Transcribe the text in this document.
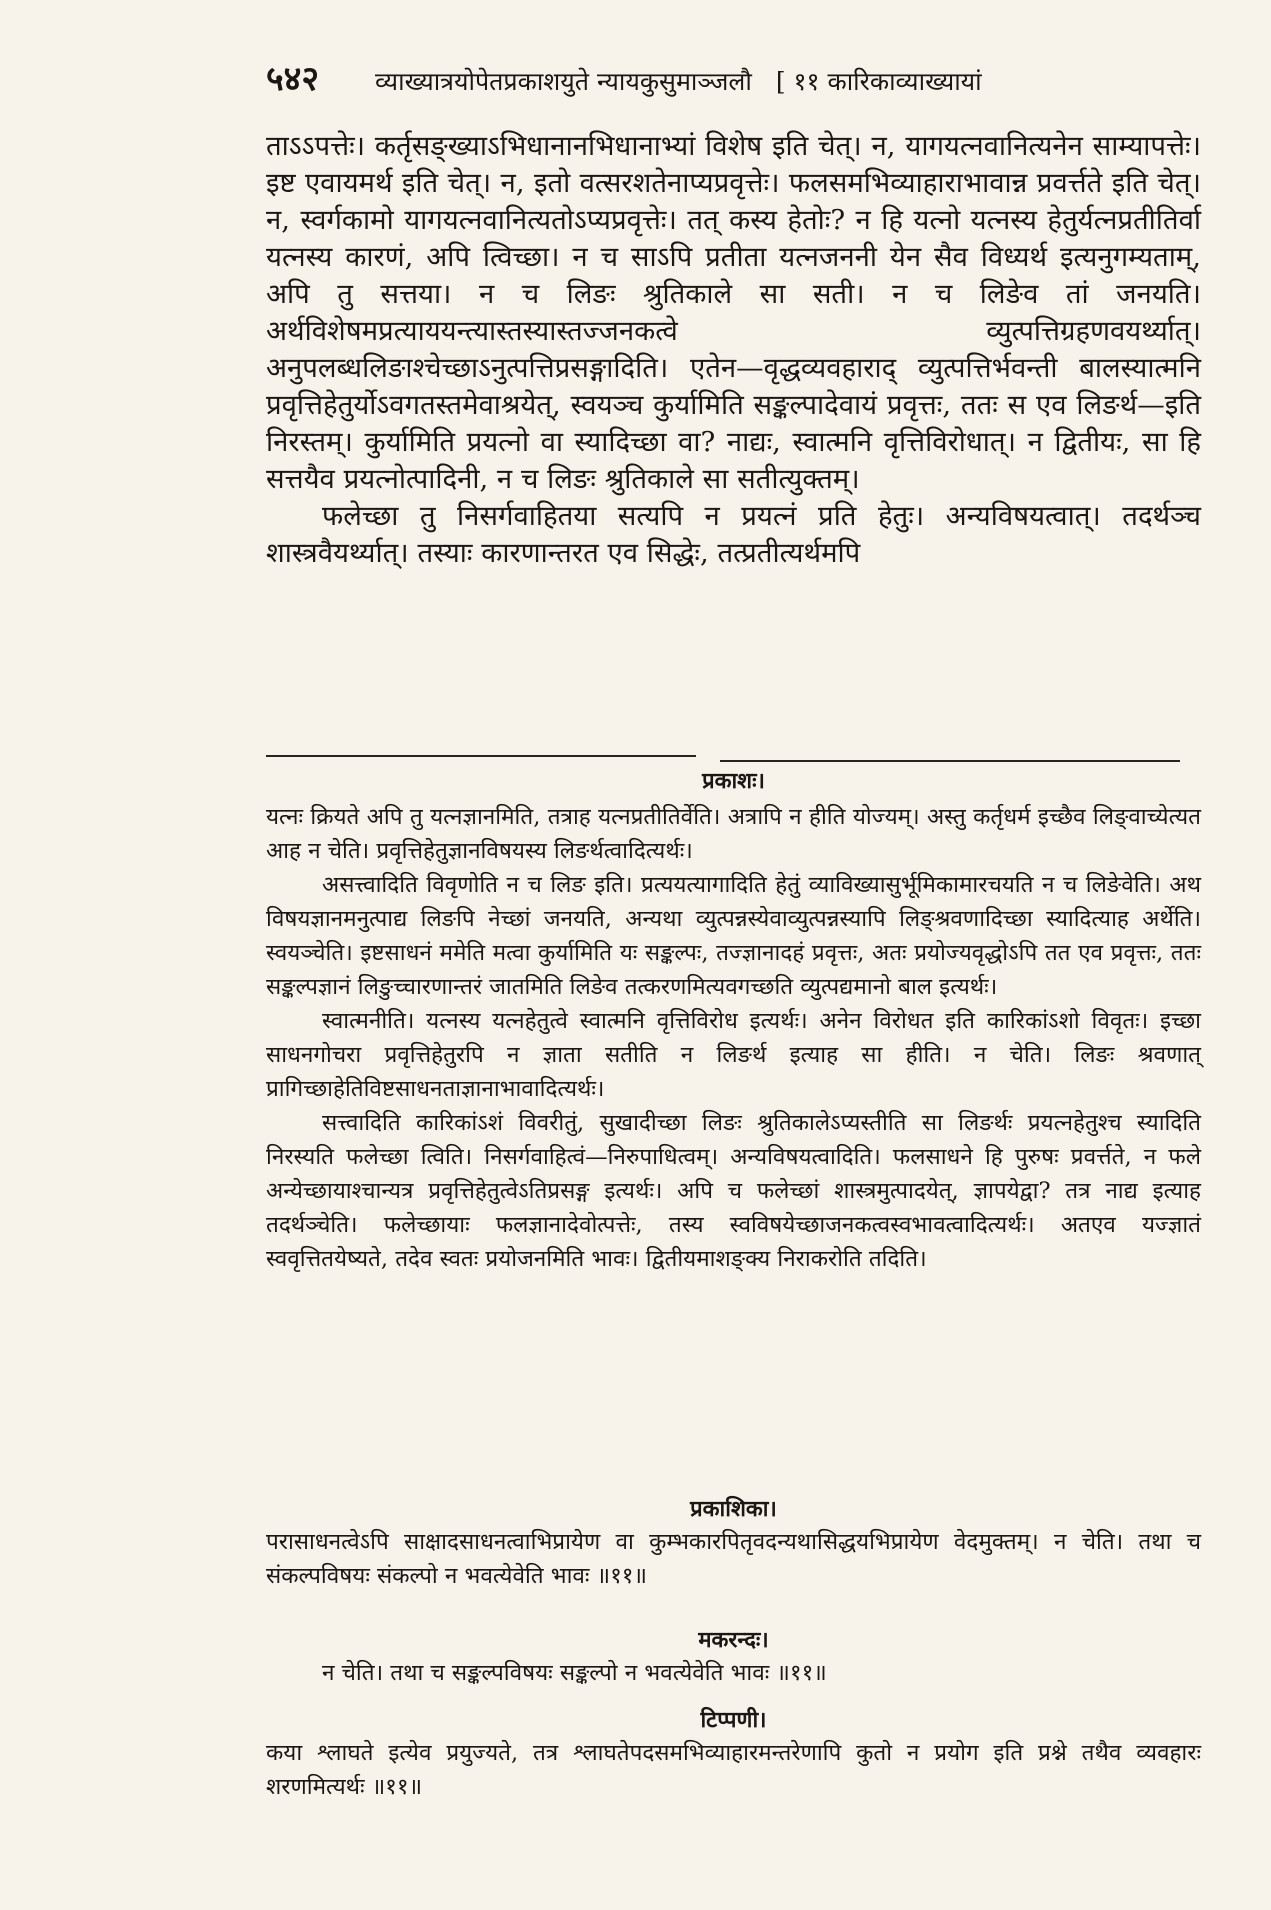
५४२ व्याख्यात्रयोपेतप्रकाशयुते न्यायकुसुमाञ्जलौ [ ११ कारिकाव्याख्यायां

ताऽऽपत्तेः। कर्तृसङ्ख्याऽभिधानानभिधानाभ्यां विशेष इति चेत्। न, यागयत्नवानित्यनेन साम्यापत्तेः। इष्ट एवायमर्थ इति चेत्। न, इतो वत्सरशतेनाप्यप्रवृत्तेः। फलसमभिव्याहाराभावान्न प्रवर्त्तते इति चेत्। न, स्वर्गकामो यागयत्नवानित्यतोऽप्यप्रवृत्तेः। तत् कस्य हेतोः? न हि यत्नो यत्नस्य हेतुर्यत्नप्रतीतिर्वा यत्नस्य कारणं, अपि त्विच्छा। न च साऽपि प्रतीता यत्नजननी येन सैव विध्यर्थ इत्यनुगम्यताम्, अपि तु सत्तया। न च लिङः श्रुतिकाले सा सती। न च लिङेव तां जनयति। अर्थविशेषमप्रत्याययन्त्यास्तस्यास्तज्जनकत्वे व्युत्पत्तिग्रहणवयर्थ्यात्। अनुपलब्धलिङाश्चेच्छाऽनुत्पत्तिप्रसङ्गादिति। एतेन—वृद्धव्यवहाराद् व्युत्पत्तिर्भवन्ती बालस्यात्मनि प्रवृत्तिहेतुर्योऽवगतस्तमेवाश्रयेत्, स्वयञ्च कुर्यामिति सङ्कल्पादेवायं प्रवृत्तः, ततः स एव लिङर्थ—इति निरस्तम्। कुर्यामिति प्रयत्नो वा स्यादिच्छा वा? नाद्यः, स्वात्मनि वृत्तिविरोधात्। न द्वितीयः, सा हि सत्तयैव प्रयत्नोत्पादिनी, न च लिङः श्रुतिकाले सा सतीत्युक्तम्।

फलेच्छा तु निसर्गवाहितया सत्यपि न प्रयत्नं प्रति हेतुः। अन्यविषयत्वात्। तदर्थञ्च शास्त्रवैयर्थ्यात्। तस्याः कारणान्तरत एव सिद्धेः, तत्प्रतीत्यर्थमपि

प्रकाशः।

यत्नः क्रियते अपि तु यत्नज्ञानमिति, तत्राह यत्नप्रतीतिर्वेति। अत्रापि न हीति योज्यम्। अस्तु कर्तृधर्म इच्छैव लिङ्वाच्येत्यत आह न चेति। प्रवृत्तिहेतुज्ञानविषयस्य लिङर्थत्वादित्यर्थः।

असत्त्वादिति विवृणोति न च लिङ इति। प्रत्ययत्यागादिति हेतुं व्याविख्यासुर्भूमिकामारचयति न च लिङेवेति। अथ विषयज्ञानमनुत्पाद्य लिङपि नेच्छां जनयति, अन्यथा व्युत्पन्नस्येवाव्युत्पन्नस्यापि लिङ्श्रवणादिच्छा स्यादित्याह अर्थेति। स्वयञ्चेति। इष्टसाधनं ममेति मत्वा कुर्यामिति यः सङ्कल्पः, तज्ज्ञानादहं प्रवृत्तः, अतः प्रयोज्यवृद्धोऽपि तत एव प्रवृत्तः, ततः सङ्कल्पज्ञानं लिङुच्चारणान्तरं जातमिति लिङेव तत्करणमित्यवगच्छति व्युत्पद्यमानो बाल इत्यर्थः।

स्वात्मनीति। यत्नस्य यत्नहेतुत्वे स्वात्मनि वृत्तिविरोध इत्यर्थः। अनेन विरोधत इति कारिकांऽशो विवृतः। इच्छा साधनगोचरा प्रवृत्तिहेतुरपि न ज्ञाता सतीति न लिङर्थ इत्याह सा हीति। न चेति। लिङः श्रवणात् प्रागिच्छाहेतिविष्टसाधनताज्ञानाभावादित्यर्थः।

सत्त्वादिति कारिकांऽशं विवरीतुं, सुखादीच्छा लिङः श्रुतिकालेऽप्यस्तीति सा लिङर्थः प्रयत्नहेतुश्च स्यादिति निरस्यति फलेच्छा त्विति। निसर्गवाहित्वं—निरुपाधित्वम्। अन्यविषयत्वादिति। फलसाधने हि पुरुषः प्रवर्त्तते, न फले अन्येच्छायाश्चान्यत्र प्रवृत्तिहेतुत्वेऽतिप्रसङ्ग इत्यर्थः। अपि च फलेच्छां शास्त्रमुत्पादयेत्, ज्ञापयेद्वा? तत्र नाद्य इत्याह तदर्थञ्चेति। फलेच्छायाः फलज्ञानादेवोत्पत्तेः, तस्य स्वविषयेच्छाजनकत्वस्वभावत्वादित्यर्थः। अतएव यज्ज्ञातं स्ववृत्तितयेष्यते, तदेव स्वतः प्रयोजनमिति भावः। द्वितीयमाशङ्क्य निराकरोति तदिति।

प्रकाशिका।

परासाधनत्वेऽपि साक्षादसाधनत्वाभिप्रायेण वा कुम्भकारपितृवदन्यथासिद्धयभिप्रायेण वेदमुक्तम्। न चेति। तथा च संकल्पविषयः संकल्पो न भवत्येवेति भावः ॥११॥

मकरन्दः।

न चेति। तथा च सङ्कल्पविषयः सङ्कल्पो न भवत्येवेति भावः ॥११॥

टिप्पणी।

कया श्लाघते इत्येव प्रयुज्यते, तत्र श्लाघतेपदसमभिव्याहारमन्तरेणापि कुतो न प्रयोग इति प्रश्ने तथैव व्यवहारः शरणमित्यर्थः ॥११॥
